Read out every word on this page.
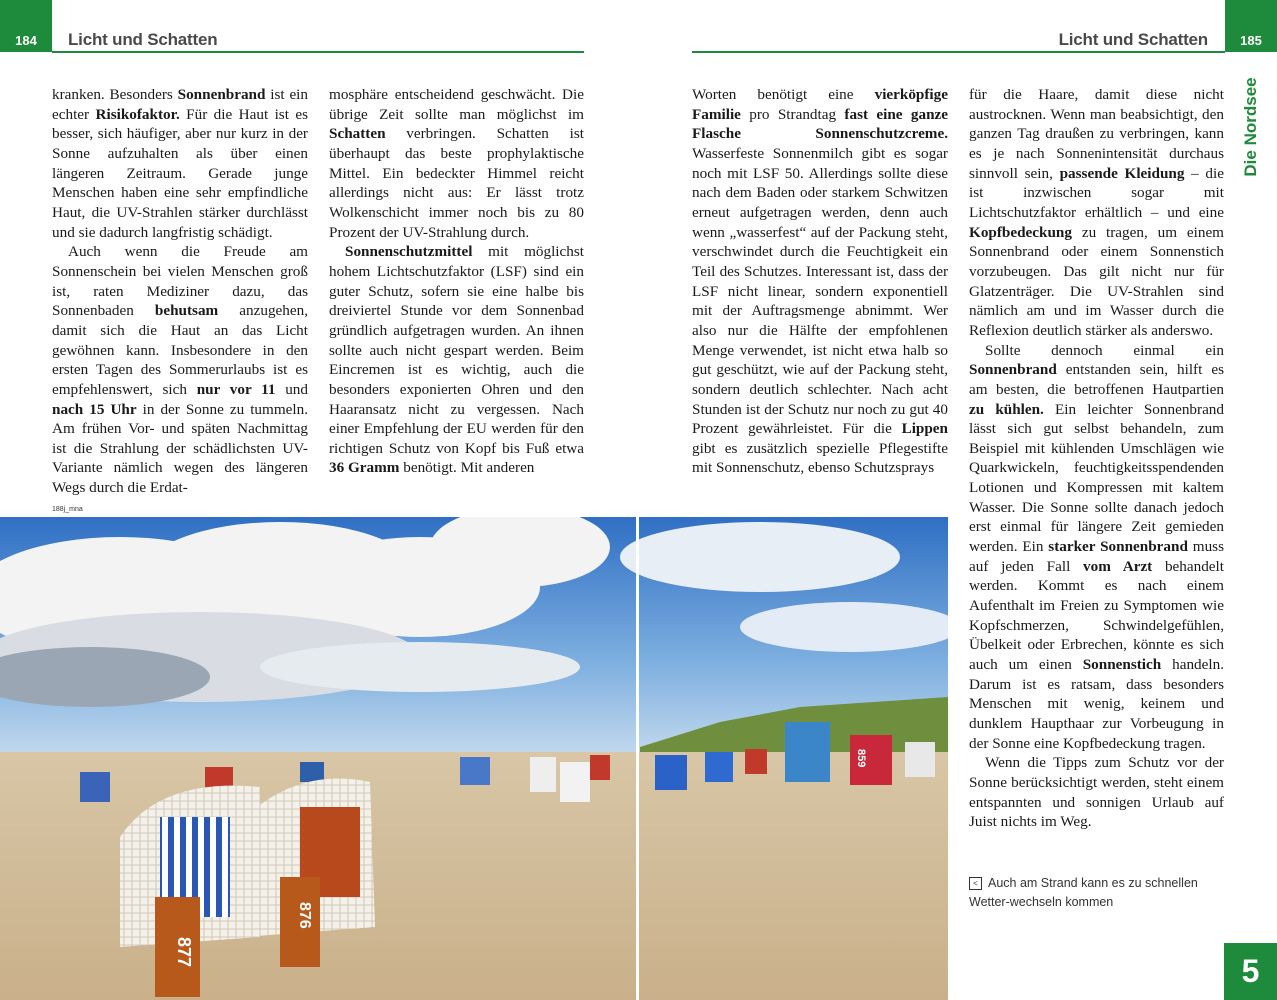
184	Licht und Schatten	Licht und Schatten	185
Die Nordsee

kranken. Besonders Sonnenbrand ist ein echter Risikofaktor. Für die Haut ist es besser, sich häufiger, aber nur kurz in der Sonne aufzuhalten als über einen längeren Zeitraum. Gerade junge Menschen haben eine sehr empfindliche Haut, die UV-Strahlen stärker durchlässt und sie dadurch langfristig schädigt.

Auch wenn die Freude am Sonnenschein bei vielen Menschen groß ist, raten Mediziner dazu, das Sonnenbaden behutsam anzugehen, damit sich die Haut an das Licht gewöhnen kann. Insbesondere in den ersten Tagen des Sommerurlaubs ist es empfehlenswert, sich nur vor 11 und nach 15 Uhr in der Sonne zu tummeln. Am frühen Vor- und späten Nachmittag ist die Strahlung der schädlichsten UV-Variante nämlich wegen des längeren Wegs durch die Erdat-

mosphäre entscheidend geschwächt. Die übrige Zeit sollte man möglichst im Schatten verbringen. Schatten ist überhaupt das beste prophylaktische Mittel. Ein bedeckter Himmel reicht allerdings nicht aus: Er lässt trotz Wolkenschicht immer noch bis zu 80 Prozent der UV-Strahlung durch.

Sonnenschutzmittel mit möglichst hohem Lichtschutzfaktor (LSF) sind ein guter Schutz, sofern sie eine halbe bis dreiviertel Stunde vor dem Sonnenbad gründlich aufgetragen wurden. An ihnen sollte auch nicht gespart werden. Beim Eincremen ist es wichtig, auch die besonders exponierten Ohren und den Haaransatz nicht zu vergessen. Nach einer Empfehlung der EU werden für den richtigen Schutz von Kopf bis Fuß etwa 36 Gramm benötigt. Mit anderen

Worten benötigt eine vierköpfige Familie pro Strandtag fast eine ganze Flasche Sonnenschutzcreme. Wasserfeste Sonnenmilch gibt es sogar noch mit LSF 50. Allerdings sollte diese nach dem Baden oder starkem Schwitzen erneut aufgetragen werden, denn auch wenn „wasserfest“ auf der Packung steht, verschwindet durch die Feuchtigkeit ein Teil des Schutzes. Interessant ist, dass der LSF nicht linear, sondern exponentiell mit der Auftragsmenge abnimmt. Wer also nur die Hälfte der empfohlenen Menge verwendet, ist nicht etwa halb so gut geschützt, wie auf der Packung steht, sondern deutlich schlechter. Nach acht Stunden ist der Schutz nur noch zu gut 40 Prozent gewährleistet. Für die Lippen gibt es zusätzlich spezielle Pflegestifte mit Sonnenschutz, ebenso Schutzsprays

für die Haare, damit diese nicht austrocknen. Wenn man beabsichtigt, den ganzen Tag draußen zu verbringen, kann es je nach Sonnenintensität durchaus sinnvoll sein, passende Kleidung – die ist inzwischen sogar mit Lichtschutzfaktor erhältlich – und eine Kopfbedeckung zu tragen, um einem Sonnenbrand oder einem Sonnenstich vorzubeugen. Das gilt nicht nur für Glatzenträger. Die UV-Strahlen sind nämlich am und im Wasser durch die Reflexion deutlich stärker als anderswo.

Sollte dennoch einmal ein Sonnenbrand entstanden sein, hilft es am besten, die betroffenen Hautpartien zu kühlen. Ein leichter Sonnenbrand lässt sich gut selbst behandeln, zum Beispiel mit kühlenden Umschlägen wie Quarkwickeln, feuchtigkeitsspendenden Lotionen und Kompressen mit kaltem Wasser. Die Sonne sollte danach jedoch erst einmal für längere Zeit gemieden werden. Ein starker Sonnenbrand muss auf jeden Fall vom Arzt behandelt werden. Kommt es nach einem Aufenthalt im Freien zu Symptomen wie Kopfschmerzen, Schwindelgefühlen, Übelkeit oder Erbrechen, könnte es sich auch um einen Sonnenstich handeln. Darum ist es ratsam, dass besonders Menschen mit wenig, keinem und dunklem Haupthaar zur Vorbeugung in der Sonne eine Kopfbedeckung tragen.

Wenn die Tipps zum Schutz vor der Sonne berücksichtigt werden, steht einem entspannten und sonnigen Urlaub auf Juist nichts im Weg.

188j_mna
877
876
859
< Auch am Strand kann es zu schnellen Wetter-wechseln kommen
5
